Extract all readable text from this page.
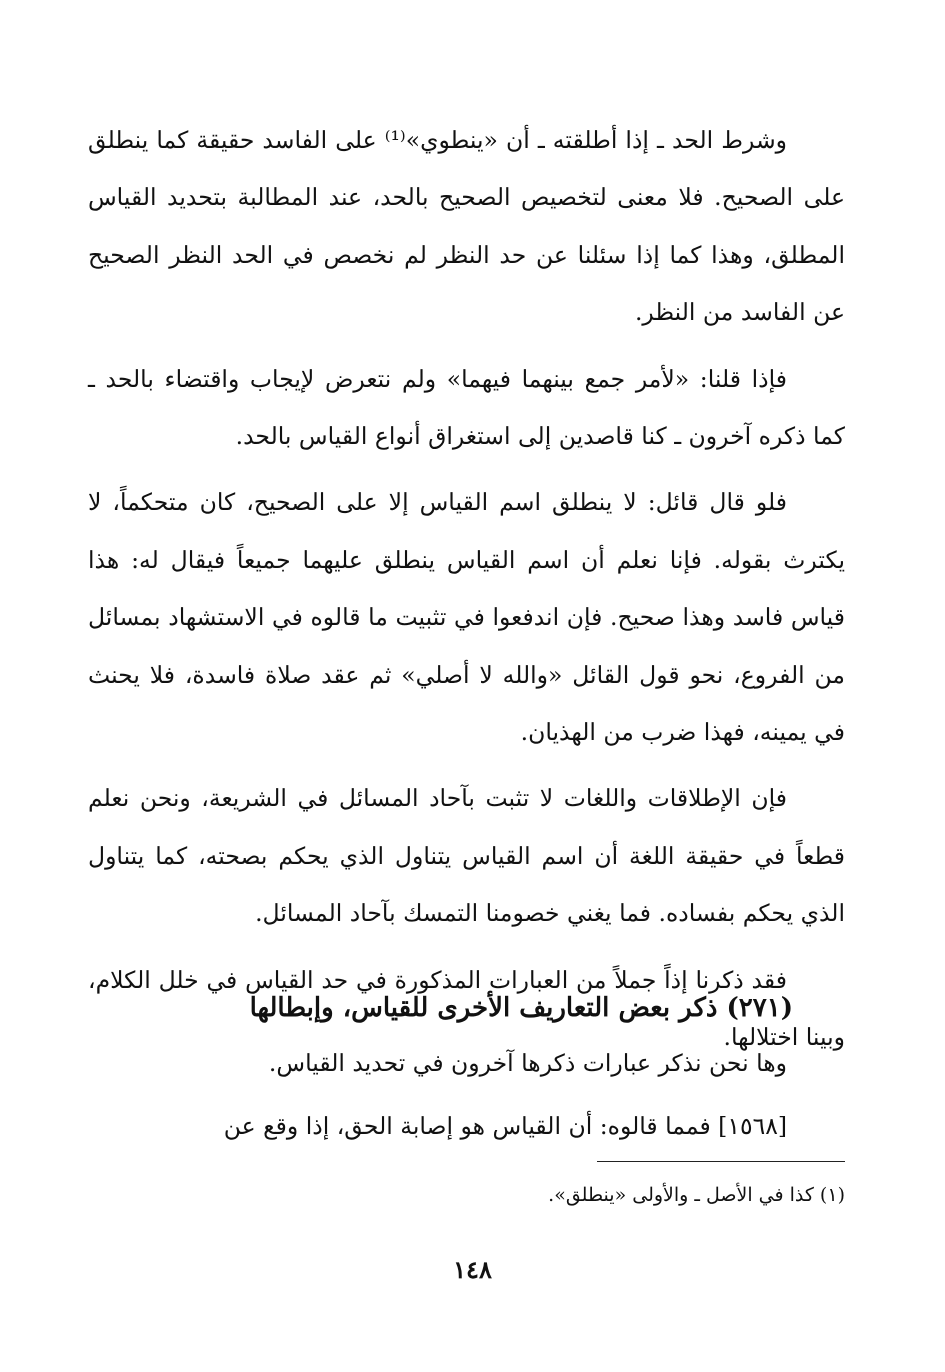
وشرط الحد ـ إذا أطلقته ـ أن «ينطوي»⁽¹⁾ على الفاسد حقيقة كما ينطلق على الصحيح. فلا معنى لتخصيص الصحيح بالحد، عند المطالبة بتحديد القياس المطلق، وهذا كما إذا سئلنا عن حد النظر لم نخصص في الحد النظر الصحيح عن الفاسد من النظر.

فإذا قلنا: «لأمر جمع بينهما فيهما» ولم نتعرض لإيجاب واقتضاء بالحد ـ كما ذكره آخرون ـ كنا قاصدين إلى استغراق أنواع القياس بالحد.

فلو قال قائل: لا ينطلق اسم القياس إلا على الصحيح، كان متحكماً، لا يكترث بقوله. فإنا نعلم أن اسم القياس ينطلق عليهما جميعاً فيقال له: هذا قياس فاسد وهذا صحيح. فإن اندفعوا في تثبيت ما قالوه في الاستشهاد بمسائل من الفروع، نحو قول القائل «والله لا أصلي» ثم عقد صلاة فاسدة، فلا يحنث في يمينه، فهذا ضرب من الهذيان.

فإن الإطلاقات واللغات لا تثبت بآحاد المسائل في الشريعة، ونحن نعلم قطعاً في حقيقة اللغة أن اسم القياس يتناول الذي يحكم بصحته، كما يتناول الذي يحكم بفساده. فما يغني خصومنا التمسك بآحاد المسائل.

فقد ذكرنا إذاً جملاً من العبارات المذكورة في حد القياس في خلل الكلام، وبينا اختلالها.

(٢٧١) ذكر بعض التعاريف الأخرى للقياس، وإبطالها

وها نحن نذكر عبارات ذكرها آخرون في تحديد القياس.

[١٥٦٨] فمما قالوه: أن القياس هو إصابة الحق، إذا وقع عن

(١) كذا في الأصل ـ والأولى «ينطلق».
١٤٨
